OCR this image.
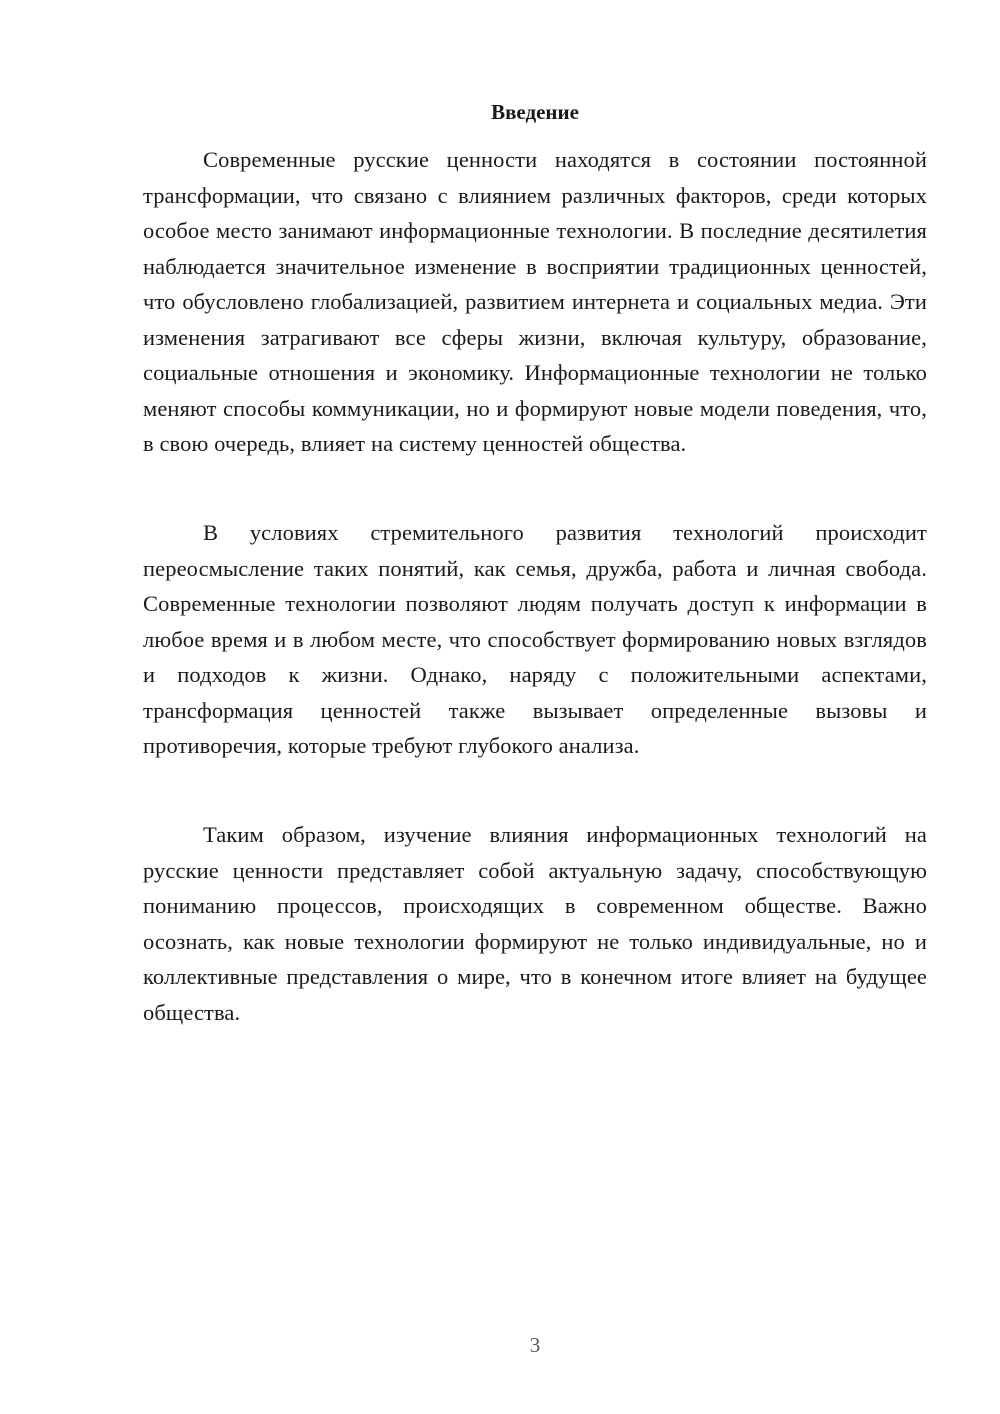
Введение

Современные русские ценности находятся в состоянии постоянной трансформации, что связано с влиянием различных факторов, среди которых особое место занимают информационные технологии. В последние десятилетия наблюдается значительное изменение в восприятии традиционных ценностей, что обусловлено глобализацией, развитием интернета и социальных медиа. Эти изменения затрагивают все сферы жизни, включая культуру, образование, социальные отношения и экономику. Информационные технологии не только меняют способы коммуникации, но и формируют новые модели поведения, что, в свою очередь, влияет на систему ценностей общества.

В условиях стремительного развития технологий происходит переосмысление таких понятий, как семья, дружба, работа и личная свобода. Современные технологии позволяют людям получать доступ к информации в любое время и в любом месте, что способствует формированию новых взглядов и подходов к жизни. Однако, наряду с положительными аспектами, трансформация ценностей также вызывает определенные вызовы и противоречия, которые требуют глубокого анализа.

Таким образом, изучение влияния информационных технологий на русские ценности представляет собой актуальную задачу, способствующую пониманию процессов, происходящих в современном обществе. Важно осознать, как новые технологии формируют не только индивидуальные, но и коллективные представления о мире, что в конечном итоге влияет на будущее общества.

3
